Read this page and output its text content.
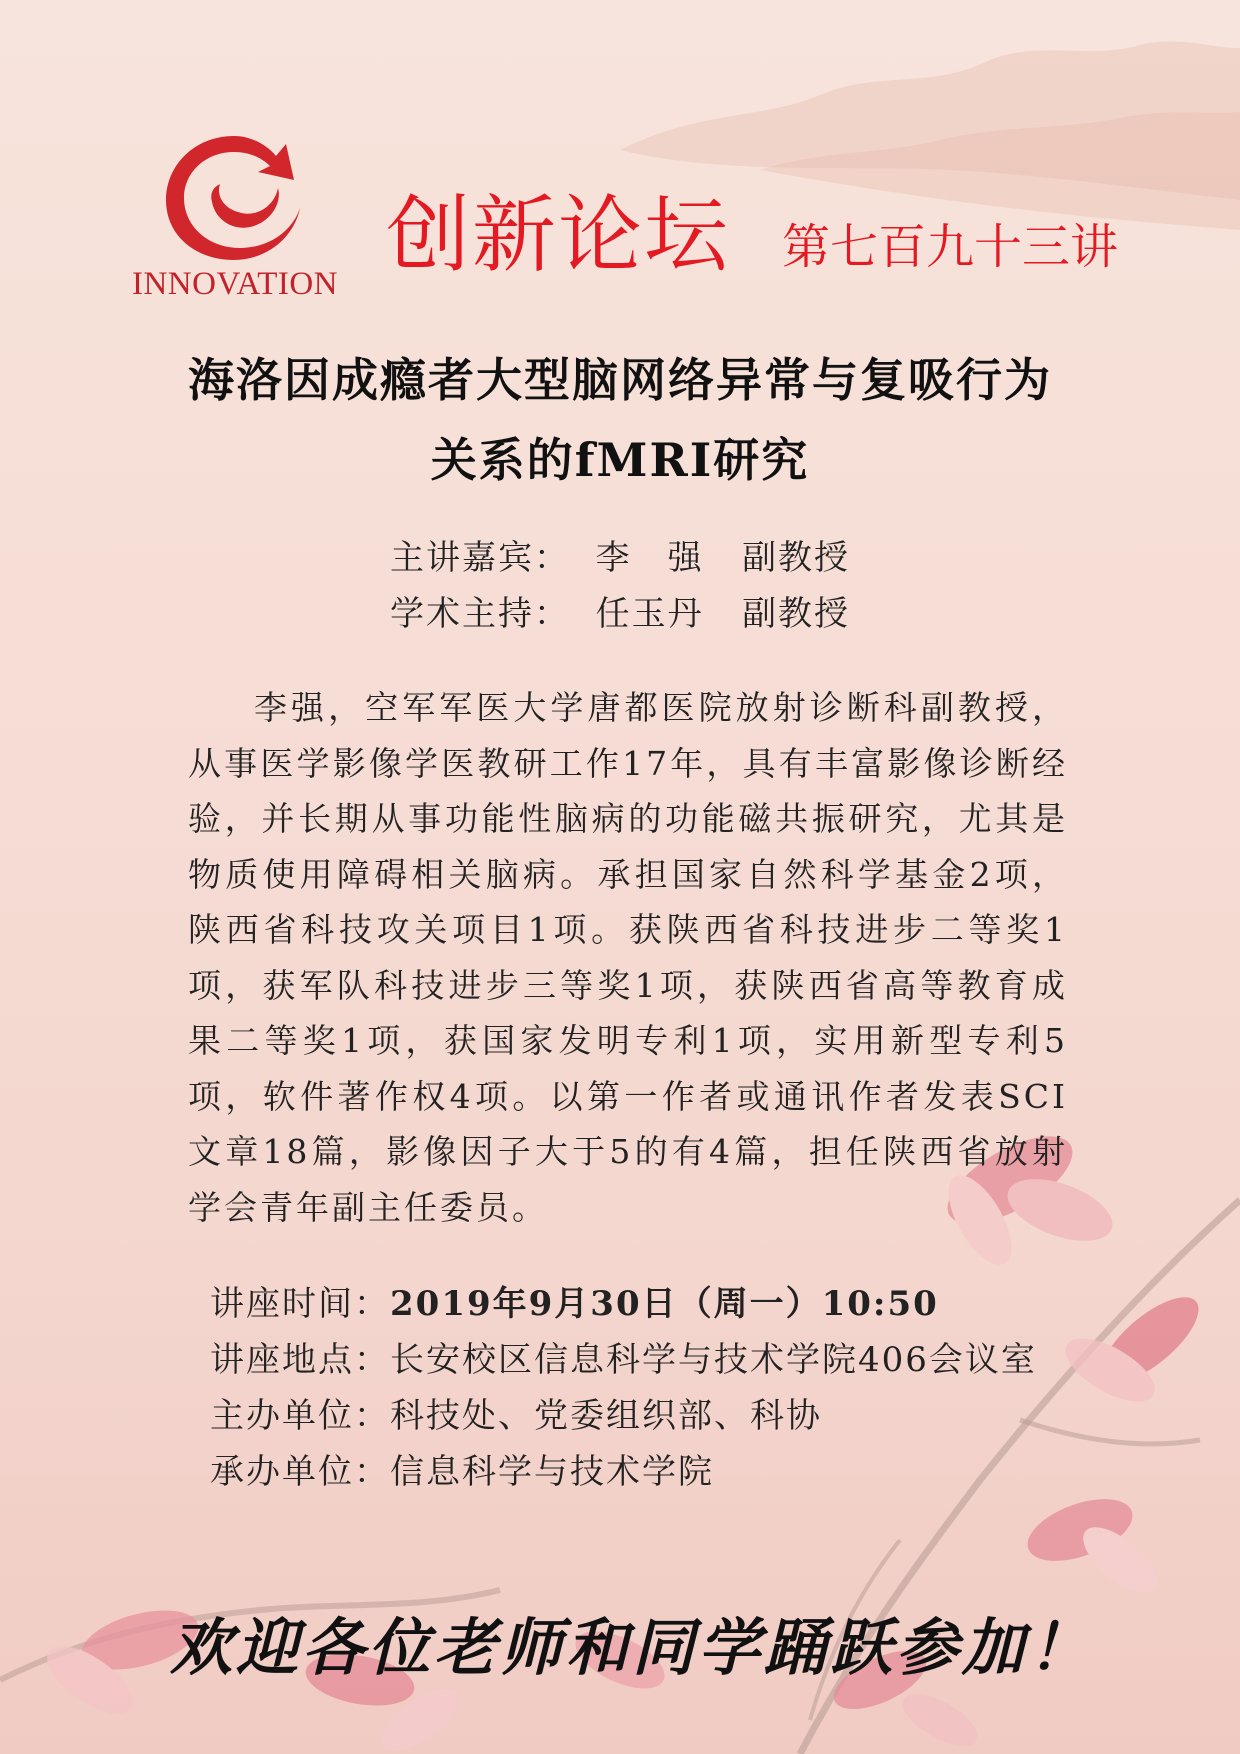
INNOVATION 创新论坛 第七百九十三讲
海洛因成瘾者大型脑网络异常与复吸行为
关系的fMRI研究
主讲嘉宾： 李　强 副教授
学术主持： 任玉丹 副教授
李强，空军军医大学唐都医院放射诊断科副教授，从事医学影像学医教研工作17年，具有丰富影像诊断经验，并长期从事功能性脑病的功能磁共振研究，尤其是物质使用障碍相关脑病。承担国家自然科学基金2项，陕西省科技攻关项目1项。获陕西省科技进步二等奖1项，获军队科技进步三等奖1项，获陕西省高等教育成果二等奖1项，获国家发明专利1项，实用新型专利5项，软件著作权4项。以第一作者或通讯作者发表SCI文章18篇，影像因子大于5的有4篇，担任陕西省放射学会青年副主任委员。
讲座时间：2019年9月30日（周一）10:50
讲座地点：长安校区信息科学与技术学院406会议室
主办单位：科技处、党委组织部、科协
承办单位：信息科学与技术学院
欢迎各位老师和同学踊跃参加！
